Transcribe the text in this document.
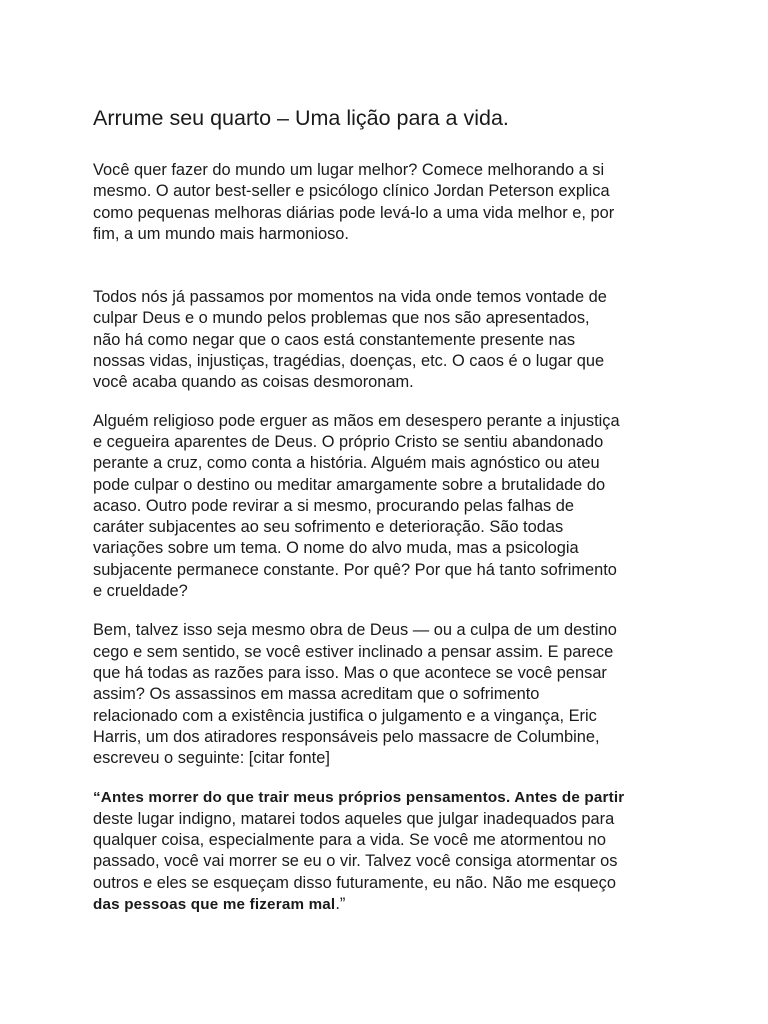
Arrume seu quarto – Uma lição para a vida.

Você quer fazer do mundo um lugar melhor? Comece melhorando a si
mesmo. O autor best-seller e psicólogo clínico Jordan Peterson explica
como pequenas melhoras diárias pode levá-lo a uma vida melhor e, por
fim, a um mundo mais harmonioso.

Todos nós já passamos por momentos na vida onde temos vontade de
culpar Deus e o mundo pelos problemas que nos são apresentados,
não há como negar que o caos está constantemente presente nas
nossas vidas, injustiças, tragédias, doenças, etc. O caos é o lugar que
você acaba quando as coisas desmoronam.

Alguém religioso pode erguer as mãos em desespero perante a injustiça
e cegueira aparentes de Deus. O próprio Cristo se sentiu abandonado
perante a cruz, como conta a história. Alguém mais agnóstico ou ateu
pode culpar o destino ou meditar amargamente sobre a brutalidade do
acaso. Outro pode revirar a si mesmo, procurando pelas falhas de
caráter subjacentes ao seu sofrimento e deterioração. São todas
variações sobre um tema. O nome do alvo muda, mas a psicologia
subjacente permanece constante. Por quê? Por que há tanto sofrimento
e crueldade?

Bem, talvez isso seja mesmo obra de Deus — ou a culpa de um destino
cego e sem sentido, se você estiver inclinado a pensar assim. E parece
que há todas as razões para isso. Mas o que acontece se você pensar
assim? Os assassinos em massa acreditam que o sofrimento
relacionado com a existência justifica o julgamento e a vingança, Eric
Harris, um dos atiradores responsáveis pelo massacre de Columbine,
escreveu o seguinte: [citar fonte]

“Antes morrer do que trair meus próprios pensamentos. Antes de partir
deste lugar indigno, matarei todos aqueles que julgar inadequados para
qualquer coisa, especialmente para a vida. Se você me atormentou no
passado, você vai morrer se eu o vir. Talvez você consiga atormentar os
outros e eles se esqueçam disso futuramente, eu não. Não me esqueço
das pessoas que me fizeram mal.”
